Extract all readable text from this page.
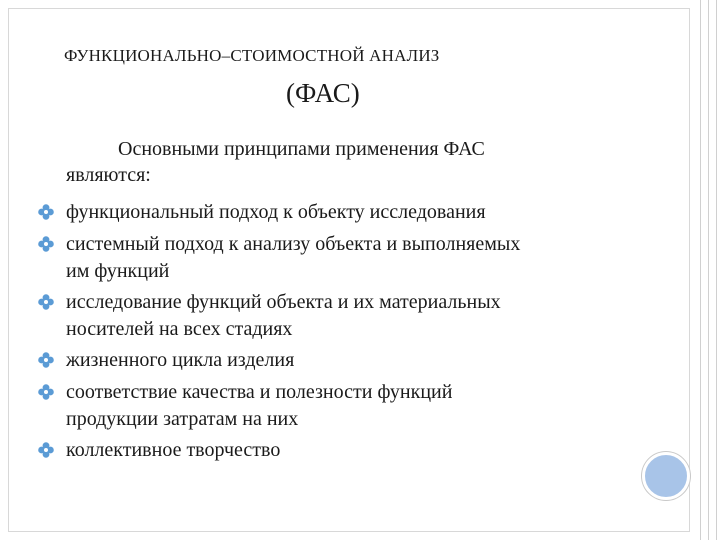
ФУНКЦИОНАЛЬНО–СТОИМОСТНОЙ АНАЛИЗ
(ФАС)
Основными принципами применения ФАС
являются:
функциональный подход к объекту исследования
системный подход к анализу объекта и выполняемых
им функций
исследование функций объекта и их материальных
носителей на всех стадиях
жизненного цикла изделия
соответствие качества и полезности функций
продукции затратам на них
коллективное творчество
